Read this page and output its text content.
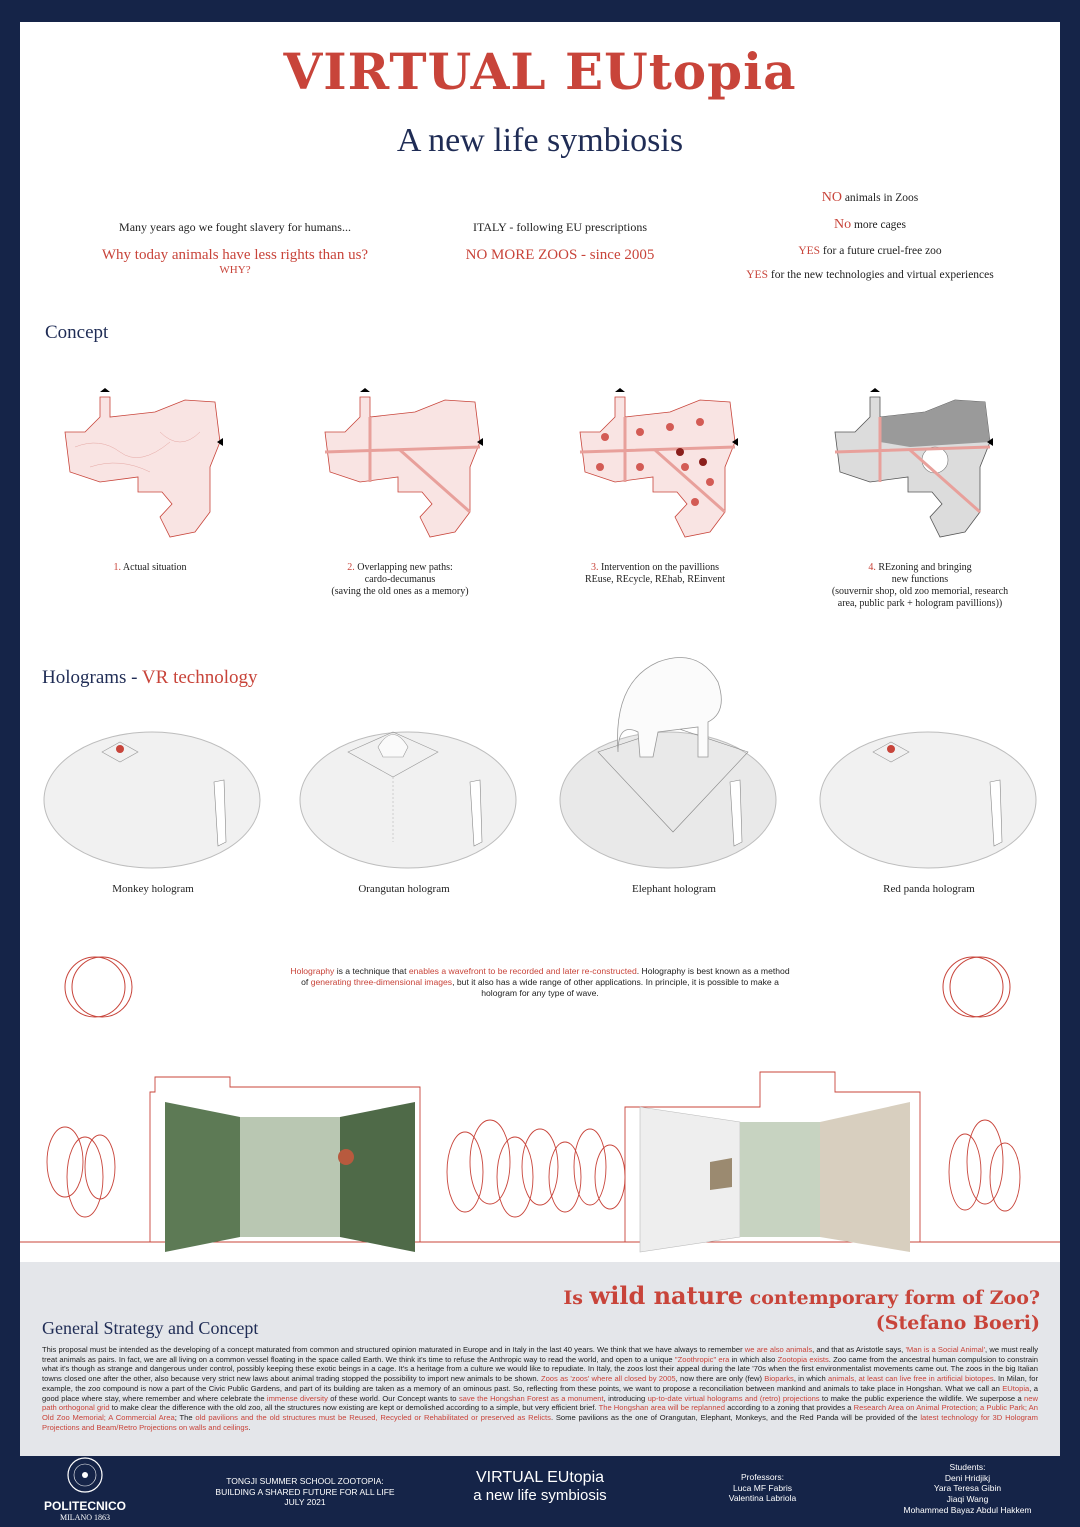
VIRTUAL EUtopia
A new life symbiosis
Many years ago we fought slavery for humans...
Why today animals have less rights than us?
WHY?
ITALY - following EU prescriptions
NO MORE ZOOS - since 2005
NO animals in Zoos
No more cages
YES for a future cruel-free zoo
YES for the new technologies and virtual experiences
Concept
1. Actual situation	2. Overlapping new paths:
cardo-decumanus
(saving the old ones as a memory)
3. Intervention on the pavillions
REuse, REcycle, REhab, REinvent
4. REzoning and bringing
new functions
(souvernir shop, old zoo memorial, research
area, public park + hologram pavillions))
Holograms - VR technology
Monkey hologram	Orangutan hologram	Elephant hologram	Red panda hologram
Holography is a technique that enables a wavefront to be recorded and later re-constructed. Holography is best known as a method of generating three-dimensional images, but it also has a wide range of other applications. In principle, it is possible to make a hologram for any type of wave.
Is wild nature contemporary form of Zoo?
(Stefano Boeri)
General Strategy and Concept
This proposal must be intended as the developing of a concept maturated from common and structured opinion maturated in Europe and in Italy in the last 40 years. We think that we have always to remember we are also animals, and that as Aristotle says, 'Man is a Social Animal', we must really treat animals as pairs. In fact, we are all living on a common vessel floating in the space called Earth. We think it's time to refuse the Anthropic way to read the world, and open to a unique "Zoothropic" era in which also Zootopia exists. Zoo came from the ancestral human compulsion to constrain what it's though as strange and dangerous under control, possibly keeping these exotic beings in a cage. It's a heritage from a culture we would like to repudiate. In Italy, the zoos lost their appeal during the late '70s when the first environmentalist movements came out. The zoos in the big Italian towns closed one after the other, also because very strict new laws about animal trading stopped the possibility to import new animals to be shown. Zoos as 'zoos' where all closed by 2005, now there are only (few) Bioparks, in which animals, at least can live free in artificial biotopes. In Milan, for example, the zoo compound is now a part of the Civic Public Gardens, and part of its building are taken as a memory of an ominous past. So, reflecting from these points, we want to propose a reconciliation between mankind and animals to take place in Hongshan. What we call an EUtopia, a good place where stay, where remember and where celebrate the immense diversity of these world. Our Concept wants to save the Hongshan Forest as a monument, introducing up-to-date virtual holograms and (retro) projections to make the public experience the wildlife. We superpose a new path orthogonal grid to make clear the difference with the old zoo, all the structures now existing are kept or demolished according to a simple, but very efficient brief. The Hongshan area will be replanned according to a zoning that provides a Research Area on Animal Protection; a Public Park; An Old Zoo Memorial; A Commercial Area; The old pavilions and the old structures must be Reused, Recycled or Rehabilitated or preserved as Relicts. Some pavilions as the one of Orangutan, Elephant, Monkeys, and the Red Panda will be provided of the latest technology for 3D Hologram Projections and Beam/Retro Projections on walls and ceilings.
POLITECNICO
MILANO 1863
TONGJI SUMMER SCHOOL ZOOTOPIA:
BUILDING A SHARED FUTURE FOR ALL LIFE
JULY 2021
VIRTUAL EUtopia
a new life symbiosis
Professors:
Luca MF Fabris
Valentina Labriola
Students:
Deni Hridjikj
Yara Teresa Gibin
Jiaqi Wang
Mohammed Bayaz Abdul Hakkem
